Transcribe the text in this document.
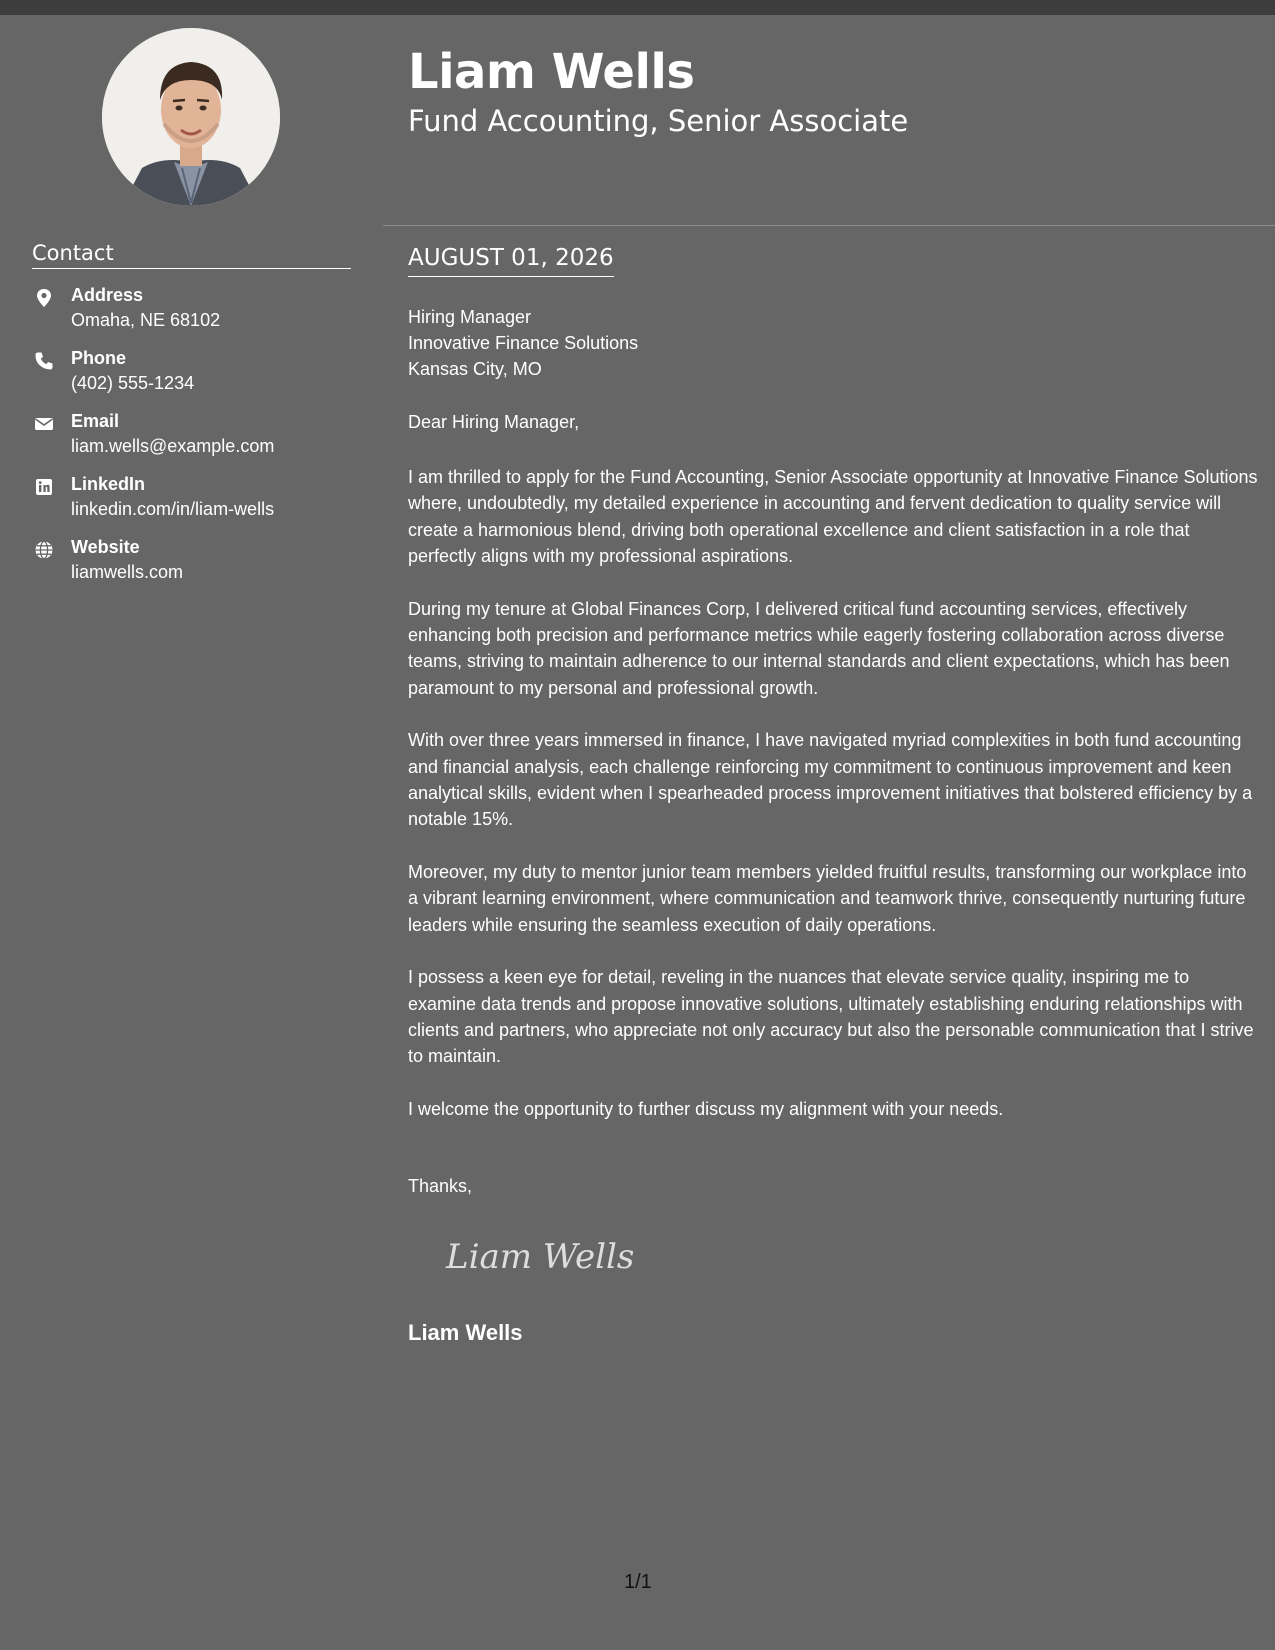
Contact
Address
Omaha, NE 68102
Phone
(402) 555-1234
Email
liam.wells@example.com
LinkedIn
linkedin.com/in/liam-wells
Website
liamwells.com
Liam Wells
Fund Accounting, Senior Associate
AUGUST 01, 2026
Hiring Manager
Innovative Finance Solutions
Kansas City, MO
Dear Hiring Manager,

I am thrilled to apply for the Fund Accounting, Senior Associate opportunity at Innovative Finance Solutions where, undoubtedly, my detailed experience in accounting and fervent dedication to quality service will create a harmonious blend, driving both operational excellence and client satisfaction in a role that perfectly aligns with my professional aspirations.

During my tenure at Global Finances Corp, I delivered critical fund accounting services, effectively enhancing both precision and performance metrics while eagerly fostering collaboration across diverse teams, striving to maintain adherence to our internal standards and client expectations, which has been paramount to my personal and professional growth.

With over three years immersed in finance, I have navigated myriad complexities in both fund accounting and financial analysis, each challenge reinforcing my commitment to continuous improvement and keen analytical skills, evident when I spearheaded process improvement initiatives that bolstered efficiency by a notable 15%.

Moreover, my duty to mentor junior team members yielded fruitful results, transforming our workplace into a vibrant learning environment, where communication and teamwork thrive, consequently nurturing future leaders while ensuring the seamless execution of daily operations.

I possess a keen eye for detail, reveling in the nuances that elevate service quality, inspiring me to examine data trends and propose innovative solutions, ultimately establishing enduring relationships with clients and partners, who appreciate not only accuracy but also the personable communication that I strive to maintain.

I welcome the opportunity to further discuss my alignment with your needs.

Thanks,
Liam Wells
Liam Wells
1/1
